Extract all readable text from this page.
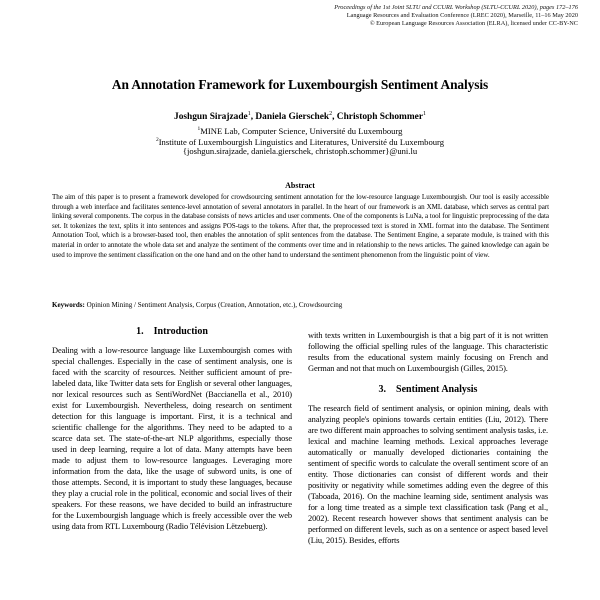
Proceedings of the 1st Joint SLTU and CCURL Workshop (SLTU-CCURL 2020), pages 172–176
Language Resources and Evaluation Conference (LREC 2020), Marseille, 11–16 May 2020
© European Language Resources Association (ELRA), licensed under CC-BY-NC
An Annotation Framework for Luxembourgish Sentiment Analysis
Joshgun Sirajzade$^1$, Daniela Gierschek$^2$, Christoph Schommer$^1$
$^1$MINE Lab, Computer Science, Université du Luxembourg
$^2$Institute of Luxembourgish Linguistics and Literatures, Université du Luxembourg
{joshgun.sirajzade, daniela.gierschek, christoph.schommer}@uni.lu
Abstract
The aim of this paper is to present a framework developed for crowdsourcing sentiment annotation for the low-resource language Luxembourgish. Our tool is easily accessible through a web interface and facilitates sentence-level annotation of several annotators in parallel. In the heart of our framework is an XML database, which serves as central part linking several components. The corpus in the database consists of news articles and user comments. One of the components is LuNa, a tool for linguistic preprocessing of the data set. It tokenizes the text, splits it into sentences and assigns POS-tags to the tokens. After that, the preprocessed text is stored in XML format into the database. The Sentiment Annotation Tool, which is a browser-based tool, then enables the annotation of split sentences from the database. The Sentiment Engine, a separate module, is trained with this material in order to annotate the whole data set and analyze the sentiment of the comments over time and in relationship to the news articles. The gained knowledge can again be used to improve the sentiment classification on the one hand and on the other hand to understand the sentiment phenomenon from the linguistic point of view.
Keywords: Opinion Mining / Sentiment Analysis, Corpus (Creation, Annotation, etc.), Crowdsourcing
1. Introduction

Dealing with a low-resource language like Luxembourgish comes with special challenges. Especially in the case of sentiment analysis, one is faced with the scarcity of resources. Neither sufficient amount of pre-labeled data, like Twitter data sets for English or several other languages, nor lexical resources such as SentiWordNet (Baccianella et al., 2010) exist for Luxembourgish. Nevertheless, doing research on sentiment detection for this language is important. First, it is a technical and scientific challenge for the algorithms. They need to be adapted to a scarce data set. The state-of-the-art NLP algorithms, especially those used in deep learning, require a lot of data. Many attempts have been made to adjust them to low-resource languages. Leveraging more information from the data, like the usage of subword units, is one of those attempts. Second, it is important to study these languages, because they play a crucial role in the political, economic and social lives of their speakers. For these reasons, we have decided to build an infrastructure for the Luxembourgish language which is freely accessible over the web using data from RTL Luxembourg (Radio Télévision Lëtzebuerg).

with texts written in Luxembourgish is that a big part of it is not written following the official spelling rules of the language. This characteristic results from the educational system mainly focusing on French and German and not that much on Luxembourgish (Gilles, 2015).

3. Sentiment Analysis

The research field of sentiment analysis, or opinion mining, deals with analyzing people's opinions towards certain entities (Liu, 2012). There are two different main approaches to solving sentiment analysis tasks, i.e. lexical and machine learning methods. Lexical approaches leverage automatically or manually developed dictionaries containing the sentiment of specific words to calculate the overall sentiment score of an entity. Those dictionaries can consist of different words and their positivity or negativity while sometimes adding even the degree of this (Taboada, 2016). On the machine learning side, sentiment analysis was for a long time treated as a simple text classification task (Pang et al., 2002). Recent research however shows that sentiment analysis can be performed on different levels, such as on a sentence or aspect based level (Liu, 2015). Besides, efforts
